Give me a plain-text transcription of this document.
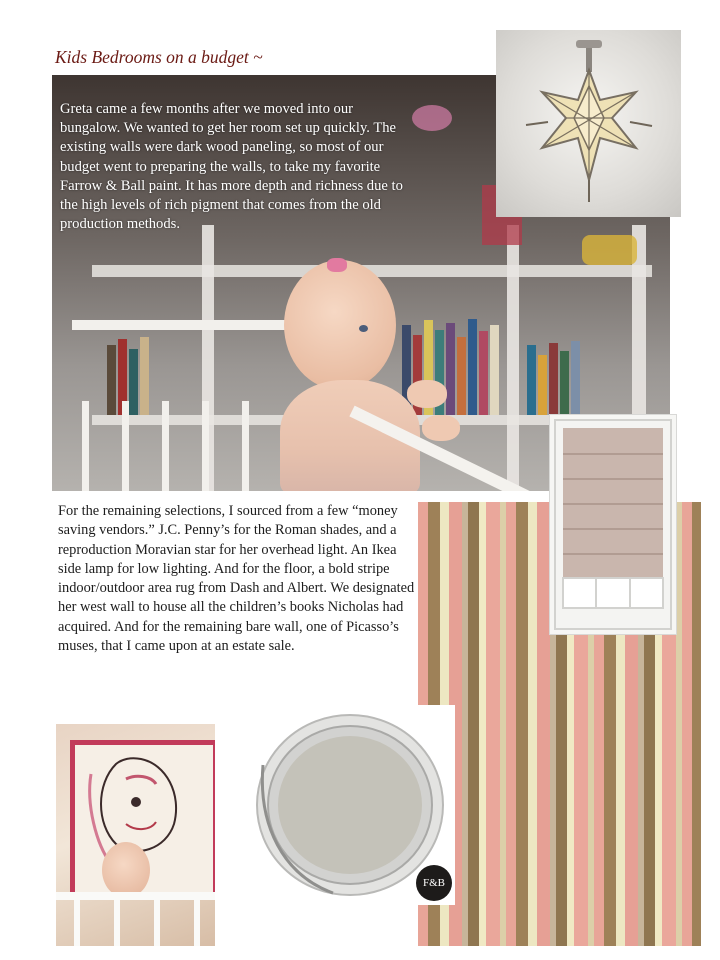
Kids Bedrooms on a budget ~
Greta came a few months after we moved into our bungalow. We wanted to get her room set up quickly. The existing walls were dark wood paneling, so most of our budget went to preparing the walls, to take my favorite Farrow & Ball paint. It has more depth and richness due to the high levels of rich pigment that comes from the old production methods.
For the remaining selections, I sourced from a few “money saving vendors.” J.C. Penny’s for the Roman shades, and a reproduction Moravian star for her overhead light. An Ikea side lamp for low lighting. And for the floor, a bold stripe indoor/outdoor area rug from Dash and Albert. We designated her west wall to house all the children’s books Nicholas had acquired. And for the remaining bare wall, one of Picasso’s muses, that I came upon at an estate sale.
F&B
